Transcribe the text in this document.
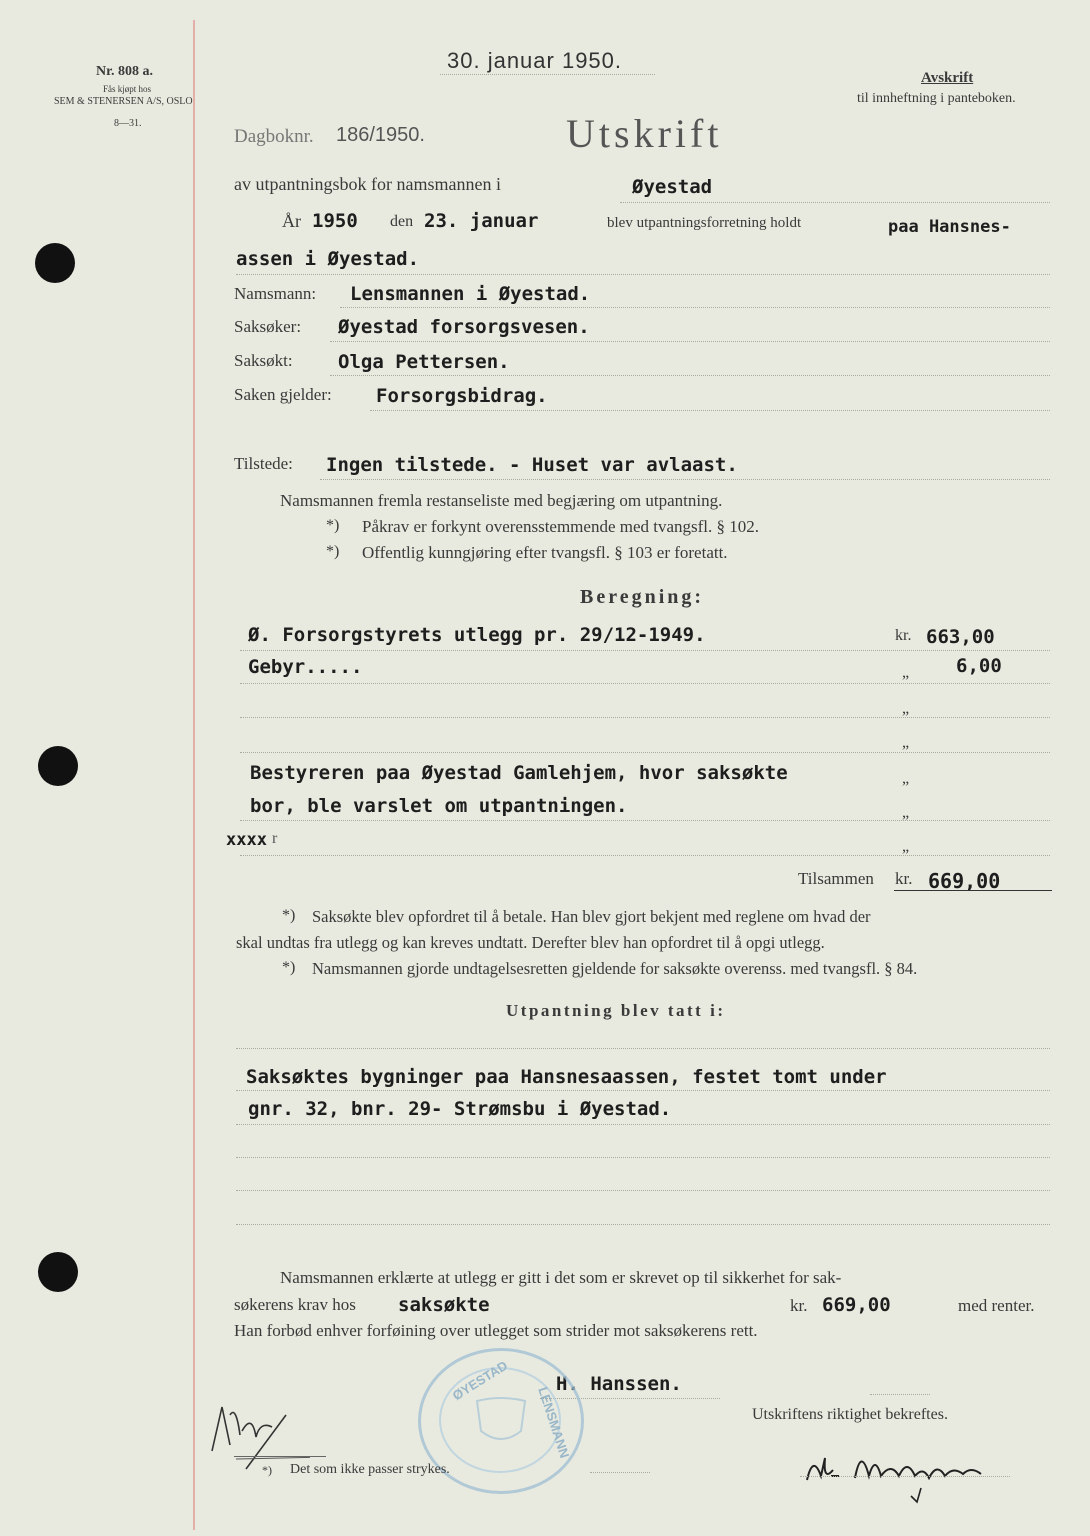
Nr. 808 a.
Fås kjøpt hos
SEM & STENERSEN A/S, OSLO
8—31.
30. januar 1950.
Avskrift
til innheftning i panteboken.
Dagboknr. 186/1950.	Utskrift
av utpantningsbok for namsmannen i	Øyestad
År 1950 den 23. januar	blev utpantningsforretning holdt	paa Hansnes-
assen i Øyestad.
Namsmann: Lensmannen i Øyestad.
Saksøker: Øyestad forsorgsvesen.
Saksøkt: Olga Pettersen.
Saken gjelder: Forsorgsbidrag.
Tilstede: Ingen tilstede. - Huset var avlaast.
Namsmannen fremla restanseliste med begjæring om utpantning.
*) Påkrav er forkynt overensstemmende med tvangsfl. § 102.
*) Offentlig kunngjøring efter tvangsfl. § 103 er foretatt.
Beregning:
Ø. Forsorgstyrets utlegg pr. 29/12-1949.	kr. 663,00
Gebyr.....	„ 6,00
„
„
Bestyreren paa Øyestad Gamlehjem, hvor saksøkte	„
bor, ble varslet om utpantningen.	„
xxxx r	„
Tilsammen kr. 669,00
*) Saksøkte blev opfordret til å betale. Han blev gjort bekjent med reglene om hvad der
skal undtas fra utlegg og kan kreves undtatt. Derefter blev han opfordret til å opgi utlegg.
*) Namsmannen gjorde undtagelsesretten gjeldende for saksøkte overenss. med tvangsfl. § 84.
Utpantning blev tatt i:
Saksøktes bygninger paa Hansnesaassen, festet tomt under
gnr. 32, bnr. 29- Strømsbu i Øyestad.
Namsmannen erklærte at utlegg er gitt i det som er skrevet op til sikkerhet for sak-
søkerens krav hos saksøkte	kr. 669,00	med renter.
Han forbød enhver forføining over utlegget som strider mot saksøkerens rett.
H. Hanssen.
Utskriftens riktighet bekreftes.
ØYESTAD
LENSMANN
*) Det som ikke passer strykes.
